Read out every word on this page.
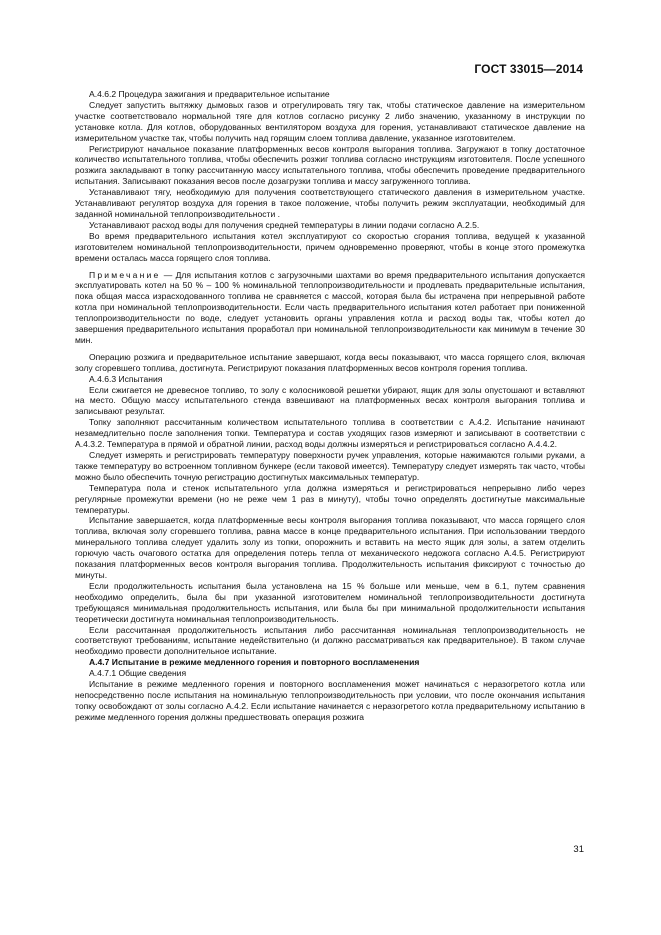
ГОСТ 33015—2014

А.4.6.2 Процедура зажигания и предварительное испытание

Следует запустить вытяжку дымовых газов и отрегулировать тягу так, чтобы статическое давление на измерительном участке соответствовало нормальной тяге для котлов согласно рисунку 2 либо значению, указанному в инструкции по установке котла. Для котлов, оборудованных вентилятором воздуха для горения, устанавливают статическое давление на измерительном участке так, чтобы получить над горящим слоем топлива давление, указанное изготовителем.

Регистрируют начальное показание платформенных весов контроля выгорания топлива. Загружают в топку достаточное количество испытательного топлива, чтобы обеспечить розжиг топлива согласно инструкциям изготовителя. После успешного розжига закладывают в топку рассчитанную массу испытательного топлива, чтобы обеспечить проведение предварительного испытания. Записывают показания весов после дозагрузки топлива и массу загруженного топлива.

Устанавливают тягу, необходимую для получения соответствующего статического давления в измерительном участке. Устанавливают регулятор воздуха для горения в такое положение, чтобы получить режим эксплуатации, необходимый для заданной номинальной теплопроизводительности .

Устанавливают расход воды для получения средней температуры в линии подачи согласно А.2.5.

Во время предварительного испытания котел эксплуатируют со скоростью сгорания топлива, ведущей к указанной изготовителем номинальной теплопроизводительности, причем одновременно проверяют, чтобы в конце этого промежутка времени осталась масса горящего слоя топлива.

Примечание — Для испытания котлов с загрузочными шахтами во время предварительного испытания допускается эксплуатировать котел на 50 % – 100 % номинальной теплопроизводительности и продлевать предварительные испытания, пока общая масса израсходованного топлива не сравняется с массой, которая была бы истрачена при непрерывной работе котла при номинальной теплопроизводительности. Если часть предварительного испытания котел работает при пониженной теплопроизводительности по воде, следует установить органы управления котла и расход воды так, чтобы котел до завершения предварительного испытания проработал при номинальной теплопроизводительности как минимум в течение 30 мин.

Операцию розжига и предварительное испытание завершают, когда весы показывают, что масса горящего слоя, включая золу сгоревшего топлива, достигнута. Регистрируют показания платформенных весов контроля горения топлива.

А.4.6.3 Испытания

Если сжигается не древесное топливо, то золу с колосниковой решетки убирают, ящик для золы опустошают и вставляют на место. Общую массу испытательного стенда взвешивают на платформенных весах контроля выгорания топлива и записывают результат.

Топку заполняют рассчитанным количеством испытательного топлива в соответствии с А.4.2. Испытание начинают незамедлительно после заполнения топки. Температура и состав уходящих газов измеряют и записывают в соответствии с А.4.3.2. Температура в прямой и обратной линии, расход воды должны измеряться и регистрироваться согласно А.4.4.2.

Следует измерять и регистрировать температуру поверхности ручек управления, которые нажимаются голыми руками, а также температуру во встроенном топливном бункере (если таковой имеется). Температуру следует измерять так часто, чтобы можно было обеспечить точную регистрацию достигнутых максимальных температур.

Температура пола и стенок испытательного угла должна измеряться и регистрироваться непрерывно либо через регулярные промежутки времени (но не реже чем 1 раз в минуту), чтобы точно определять достигнутые максимальные температуры.

Испытание завершается, когда платформенные весы контроля выгорания топлива показывают, что масса горящего слоя топлива, включая золу сгоревшего топлива, равна массе в конце предварительного испытания. При использовании твердого минерального топлива следует удалить золу из топки, опорожнить и вставить на место ящик для золы, а затем отделить горючую часть очагового остатка для определения потерь тепла от механического недожога согласно А.4.5. Регистрируют показания платформенных весов контроля выгорания топлива. Продолжительность испытания фиксируют с точностью до минуты.

Если продолжительность испытания была установлена на 15 % больше или меньше, чем в 6.1, путем сравнения необходимо определить, была бы при указанной изготовителем номинальной теплопроизводительности достигнута требующаяся минимальная продолжительность испытания, или была бы при минимальной продолжительности испытания теоретически достигнута номинальная теплопроизводительность.

Если рассчитанная продолжительность испытания либо рассчитанная номинальная теплопроизводительность не соответствуют требованиям, испытание недействительно (и должно рассматриваться как предварительное). В таком случае необходимо провести дополнительное испытание.

А.4.7 Испытание в режиме медленного горения и повторного воспламенения

А.4.7.1 Общие сведения

Испытание в режиме медленного горения и повторного воспламенения может начинаться с неразогретого котла или непосредственно после испытания на номинальную теплопроизводительность при условии, что после окончания испытания топку освобождают от золы согласно А.4.2. Если испытание начинается с неразогретого котла предварительному испытанию в режиме медленного горения должны предшествовать операция розжига

31
